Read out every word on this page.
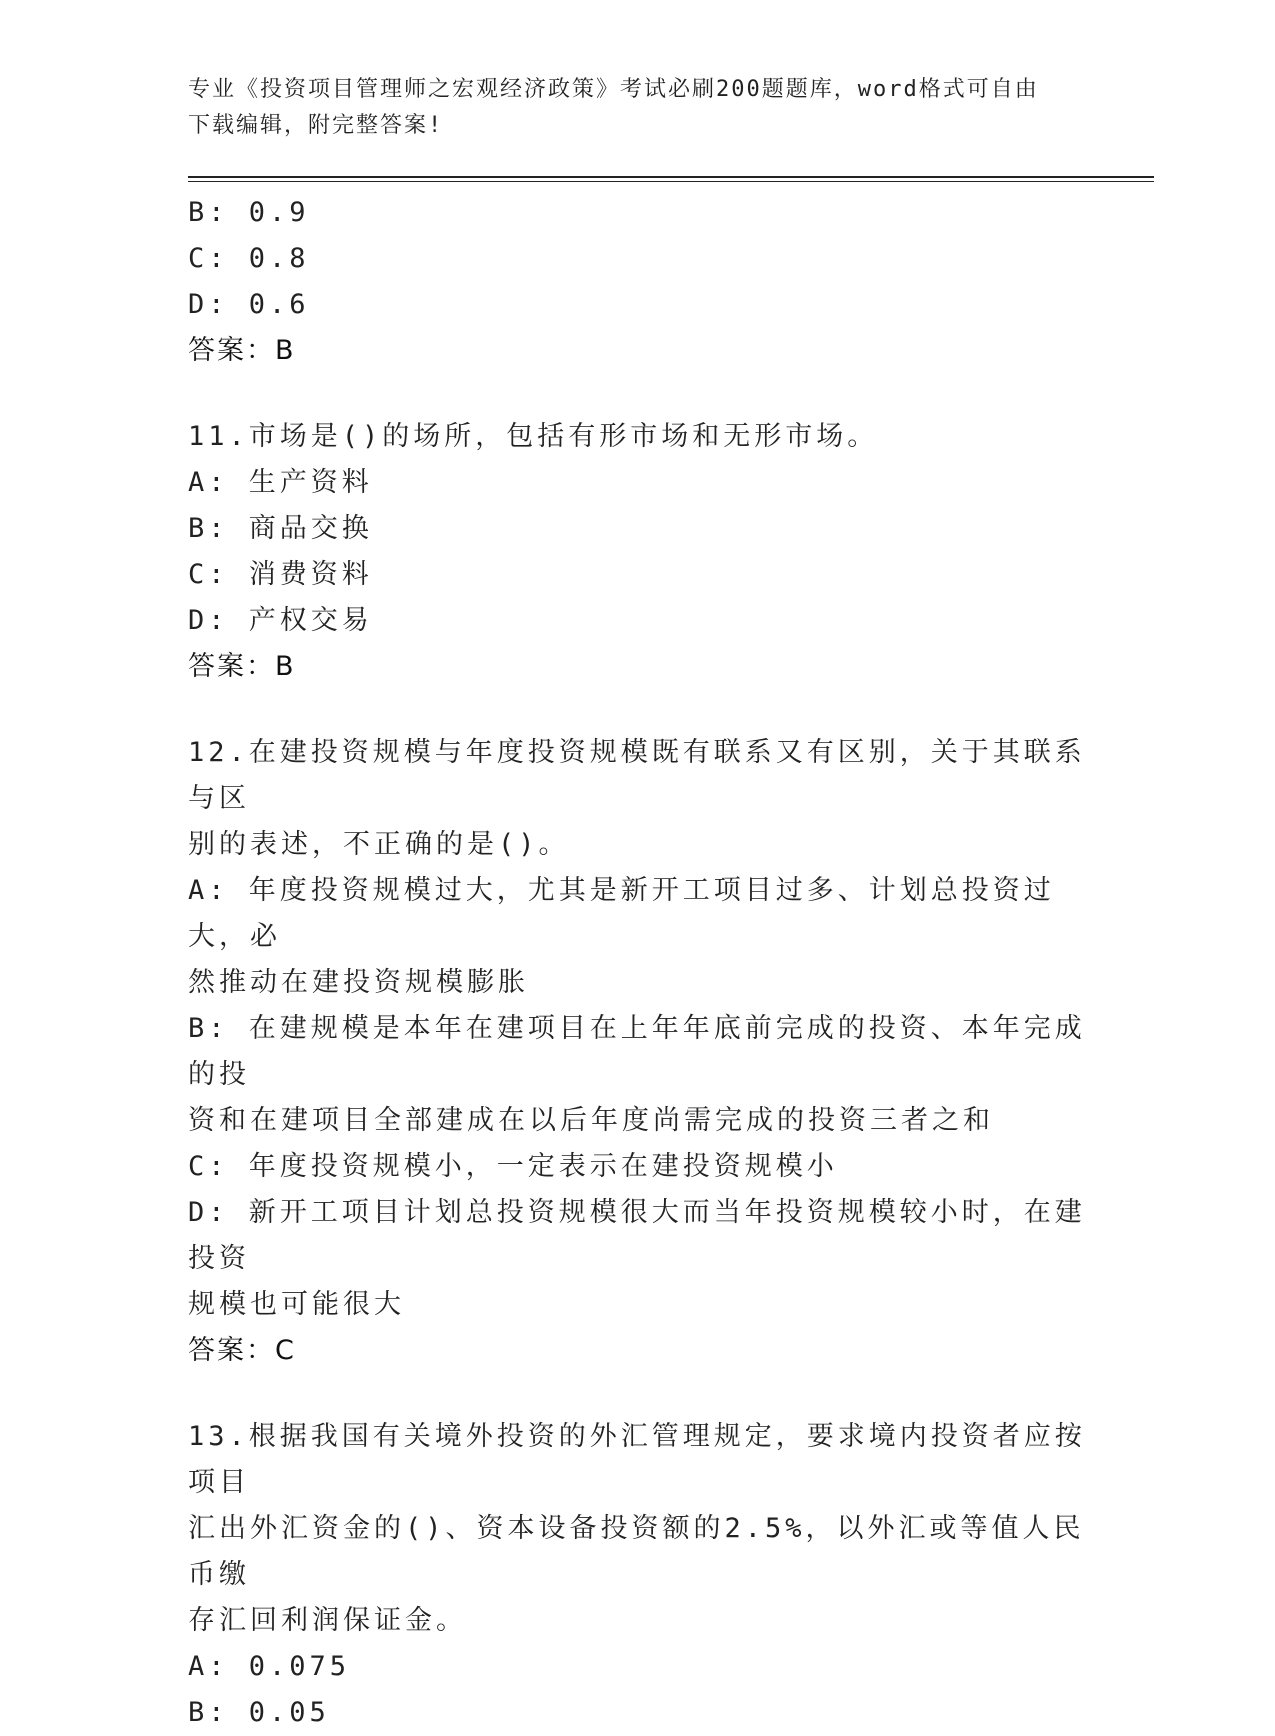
专业《投资项目管理师之宏观经济政策》考试必刷200题题库，word格式可自由
下载编辑，附完整答案!
B: 0.9
C: 0.8
D: 0.6
答案：B
11.市场是()的场所，包括有形市场和无形市场。
A: 生产资料
B: 商品交换
C: 消费资料
D: 产权交易
答案：B
12.在建投资规模与年度投资规模既有联系又有区别，关于其联系与区
别的表述，不正确的是()。
A: 年度投资规模过大，尤其是新开工项目过多、计划总投资过大，必
然推动在建投资规模膨胀
B: 在建规模是本年在建项目在上年年底前完成的投资、本年完成的投
资和在建项目全部建成在以后年度尚需完成的投资三者之和
C: 年度投资规模小，一定表示在建投资规模小
D: 新开工项目计划总投资规模很大而当年投资规模较小时，在建投资
规模也可能很大
答案：C
13.根据我国有关境外投资的外汇管理规定，要求境内投资者应按项目
汇出外汇资金的()、资本设备投资额的2.5%，以外汇或等值人民币缴
存汇回利润保证金。
A: 0.075
B: 0.05
